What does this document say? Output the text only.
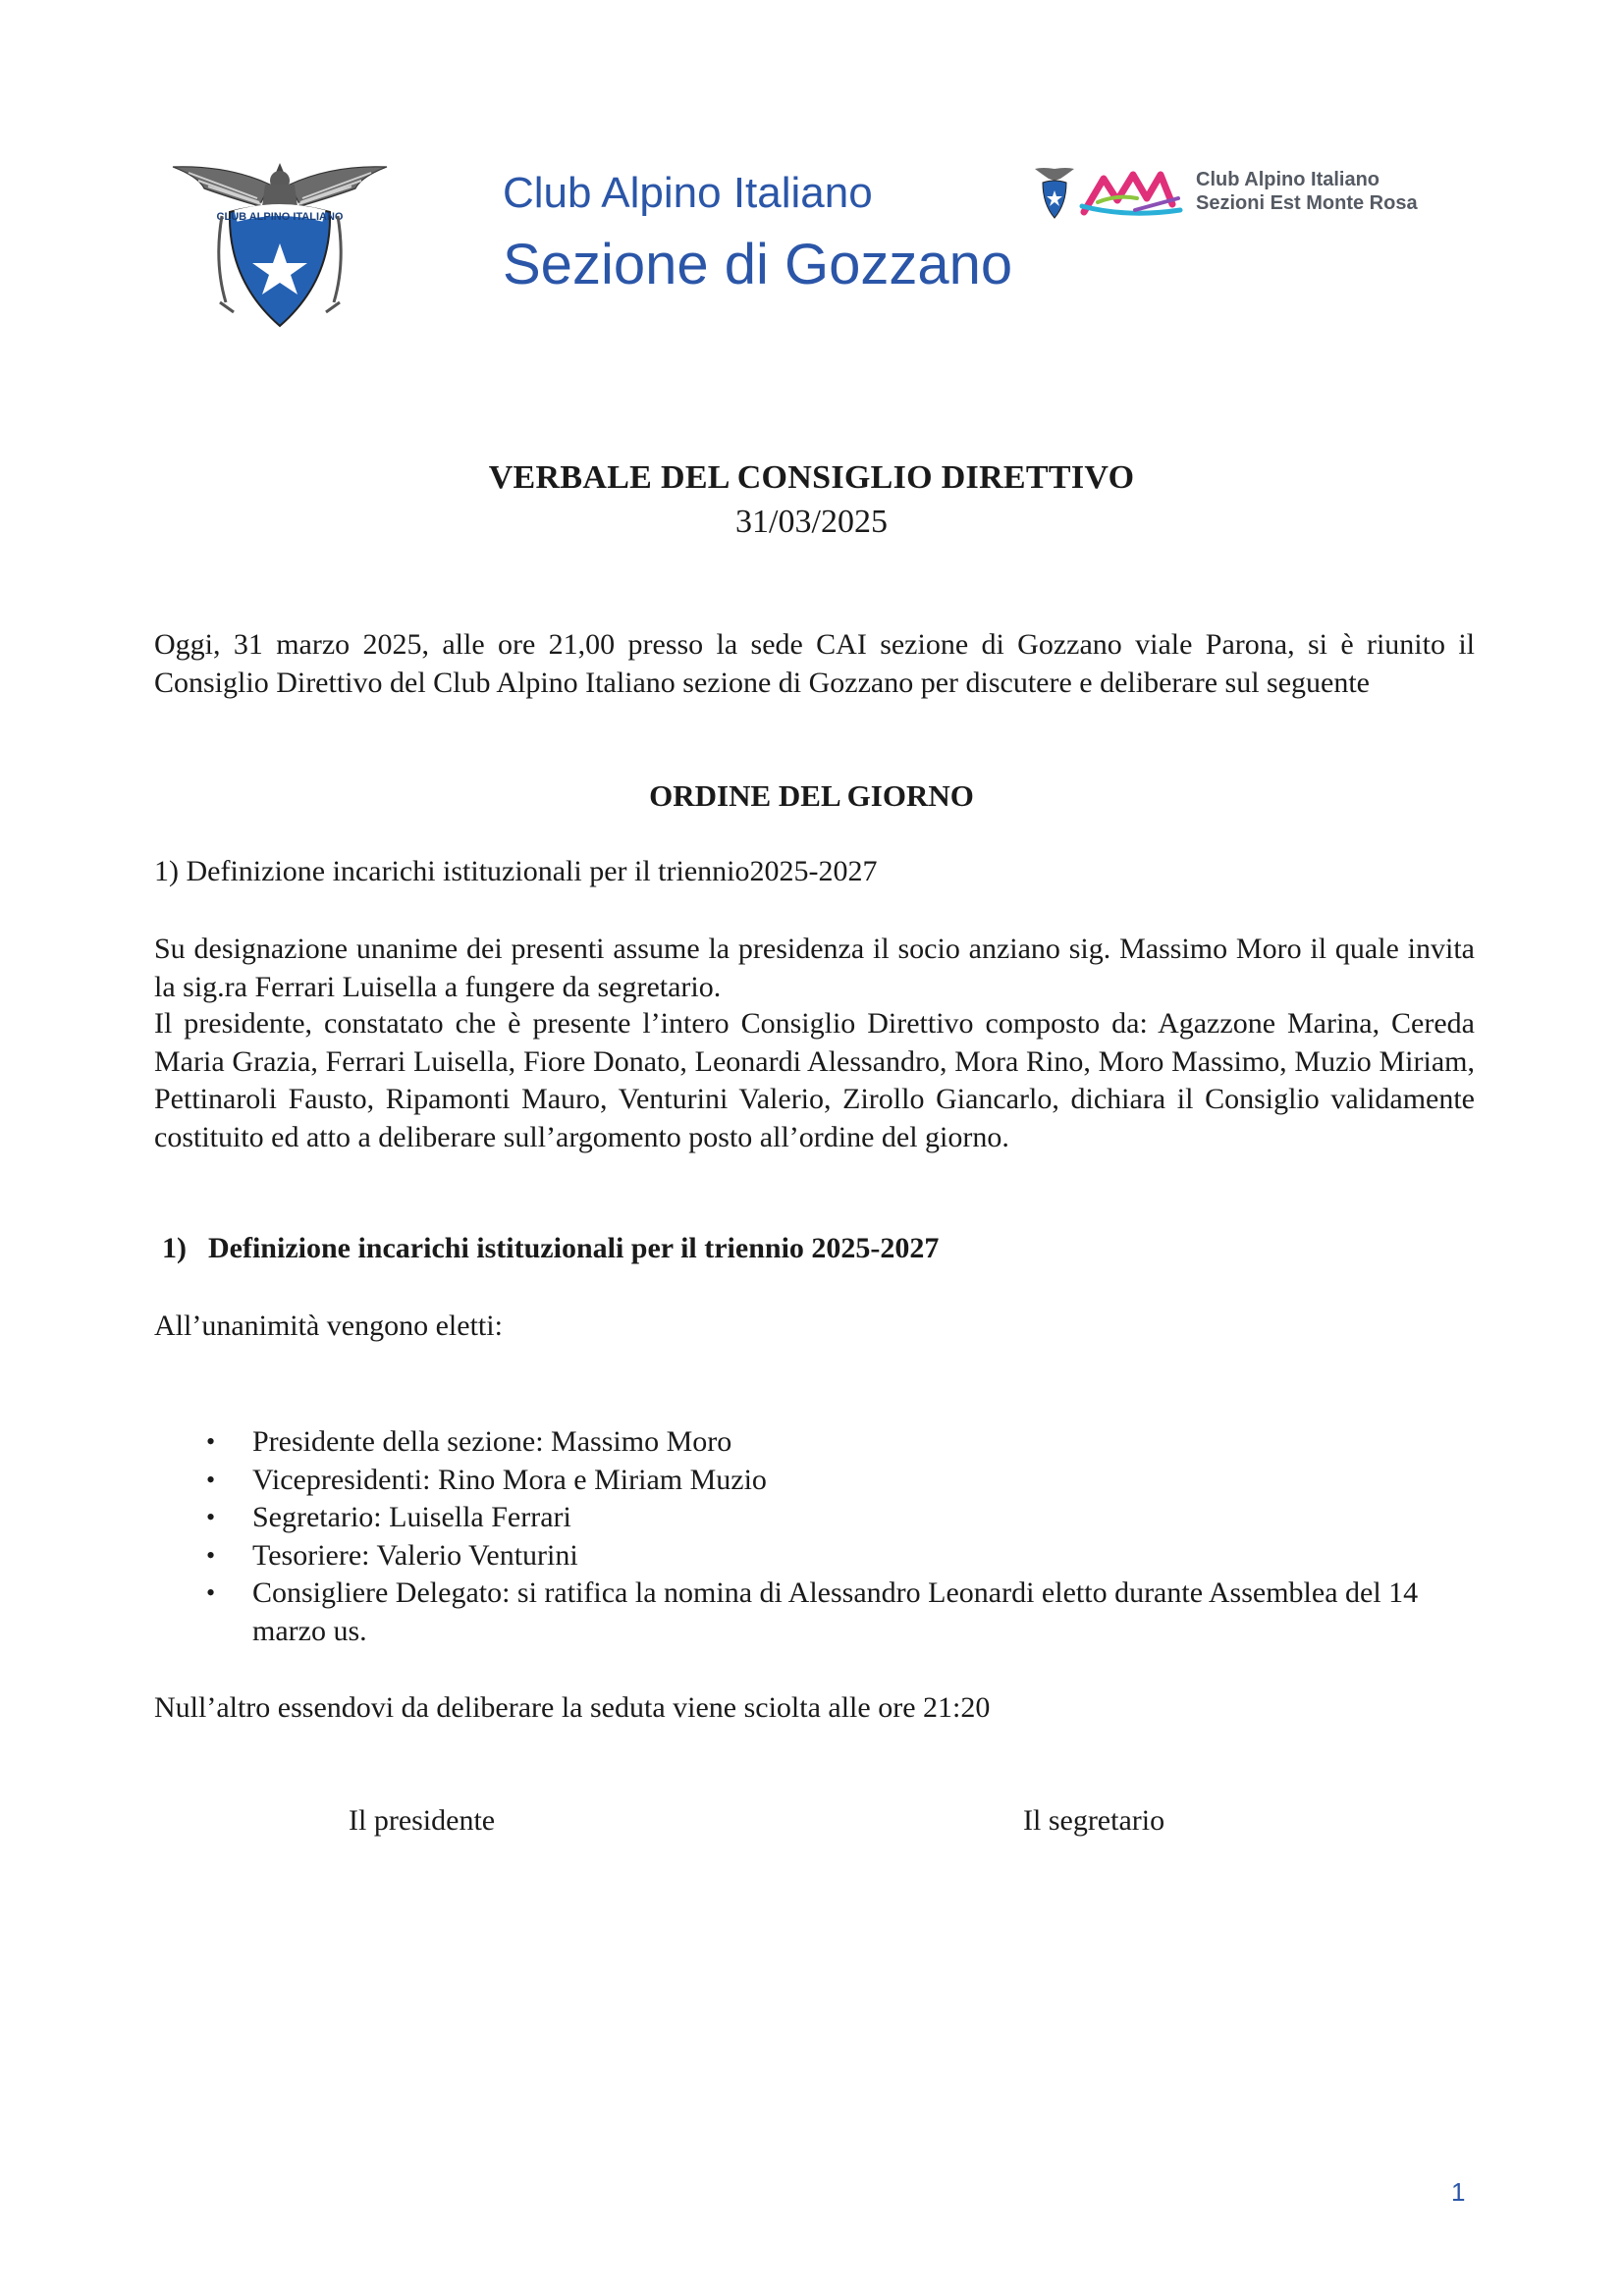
CLUB ALPINO ITALIANO	Club Alpino Italiano
Sezione di Gozzano
Club Alpino Italiano
Sezioni Est Monte Rosa
VERBALE DEL CONSIGLIO DIRETTIVO
31/03/2025
Oggi, 31 marzo 2025, alle ore 21,00 presso la sede CAI sezione di Gozzano viale Parona, si è riunito il Consiglio Direttivo del Club Alpino Italiano sezione di Gozzano per discutere e deliberare sul seguente
ORDINE DEL GIORNO
1) Definizione incarichi istituzionali per il triennio2025-2027
Su designazione unanime dei presenti assume la presidenza il socio anziano sig. Massimo Moro il quale invita la sig.ra Ferrari Luisella a fungere da segretario.
Il presidente, constatato che è presente l’intero Consiglio Direttivo composto da: Agazzone Marina, Cereda Maria Grazia, Ferrari Luisella, Fiore Donato, Leonardi Alessandro, Mora Rino, Moro Massimo, Muzio Miriam, Pettinaroli Fausto, Ripamonti Mauro, Venturini Valerio, Zirollo Giancarlo, dichiara il Consiglio validamente costituito ed atto a deliberare sull’argomento posto all’ordine del giorno.
1) Definizione incarichi istituzionali per il triennio 2025-2027
All’unanimità vengono eletti:
• Presidente della sezione: Massimo Moro
• Vicepresidenti: Rino Mora e Miriam Muzio
• Segretario: Luisella Ferrari
• Tesoriere: Valerio Venturini
• Consigliere Delegato: si ratifica la nomina di Alessandro Leonardi eletto durante Assemblea del 14 marzo us.
Null’altro essendovi da deliberare la seduta viene sciolta alle ore 21:20
Il presidente	Il segretario
1
